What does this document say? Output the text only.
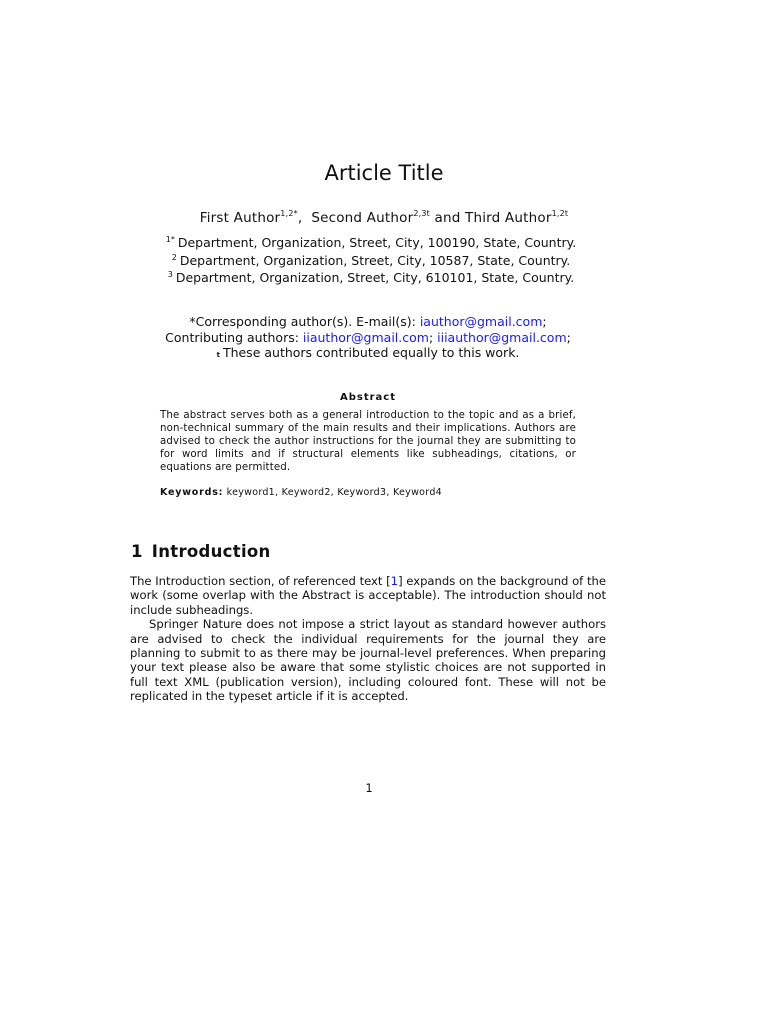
Article Title
First Author$^{1,2*}$,  Second Author$^{2,3t}$ and Third Author$^{1,2t}$
$^{1*}$ Department, Organization, Street, City, 100190, State, Country.
$^2$ Department, Organization, Street, City, 10587, State, Country.
$^3$ Department, Organization, Street, City, 610101, State, Country.
*Corresponding author(s). E-mail(s): iauthor@gmail.com;
Contributing authors: iiauthor@gmail.com; iiiauthor@gmail.com;
t These authors contributed equally to this work.
Abstract
The abstract serves both as a general introduction to the topic and as a brief, non-technical summary of the main results and their implications. Authors are advised to check the author instructions for the journal they are submitting to for word limits and if structural elements like subheadings, citations, or equations are permitted.
Keywords: keyword1, Keyword2, Keyword3, Keyword4
1 Introduction

The Introduction section, of referenced text [1] expands on the background of the work (some overlap with the Abstract is acceptable). The introduction should not include subheadings.

Springer Nature does not impose a strict layout as standard however authors are advised to check the individual requirements for the journal they are planning to submit to as there may be journal-level preferences. When preparing your text please also be aware that some stylistic choices are not supported in full text XML (publication version), including coloured font. These will not be replicated in the typeset article if it is accepted.

1
